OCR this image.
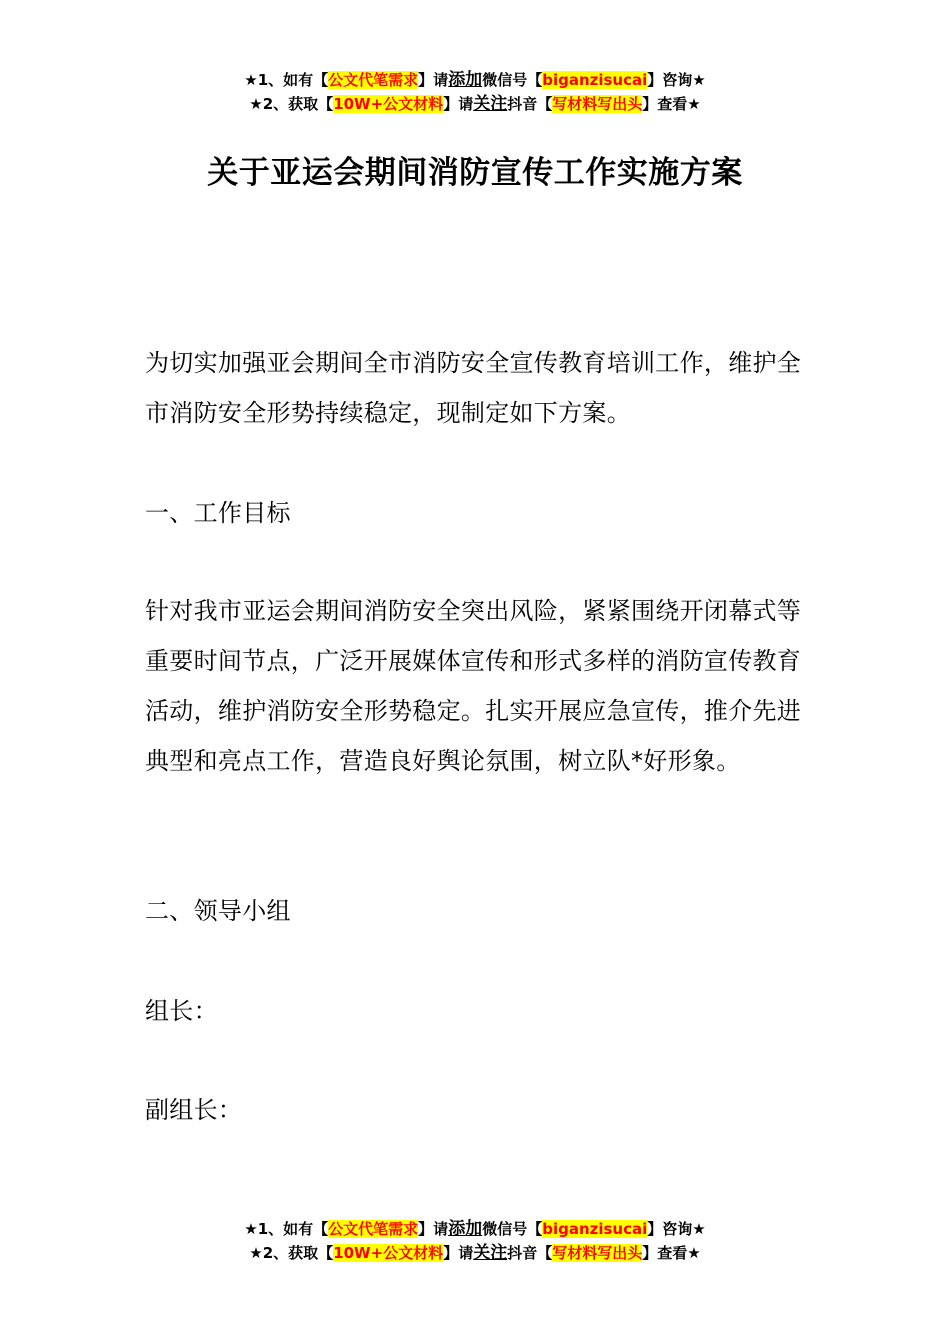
★1、如有【公文代笔需求】请添加微信号【biganzisucai】咨询★
★2、获取【10W+公文材料】请关注抖音【写材料写出头】查看★
关于亚运会期间消防宣传工作实施方案

为切实加强亚会期间全市消防安全宣传教育培训工作，维护全市消防安全形势持续稳定，现制定如下方案。

一、工作目标

针对我市亚运会期间消防安全突出风险，紧紧围绕开闭幕式等重要时间节点，广泛开展媒体宣传和形式多样的消防宣传教育活动，维护消防安全形势稳定。扎实开展应急宣传，推介先进典型和亮点工作，营造良好舆论氛围，树立队*好形象。

二、领导小组

组长：

副组长：

★1、如有【公文代笔需求】请添加微信号【biganzisucai】咨询★
★2、获取【10W+公文材料】请关注抖音【写材料写出头】查看★
